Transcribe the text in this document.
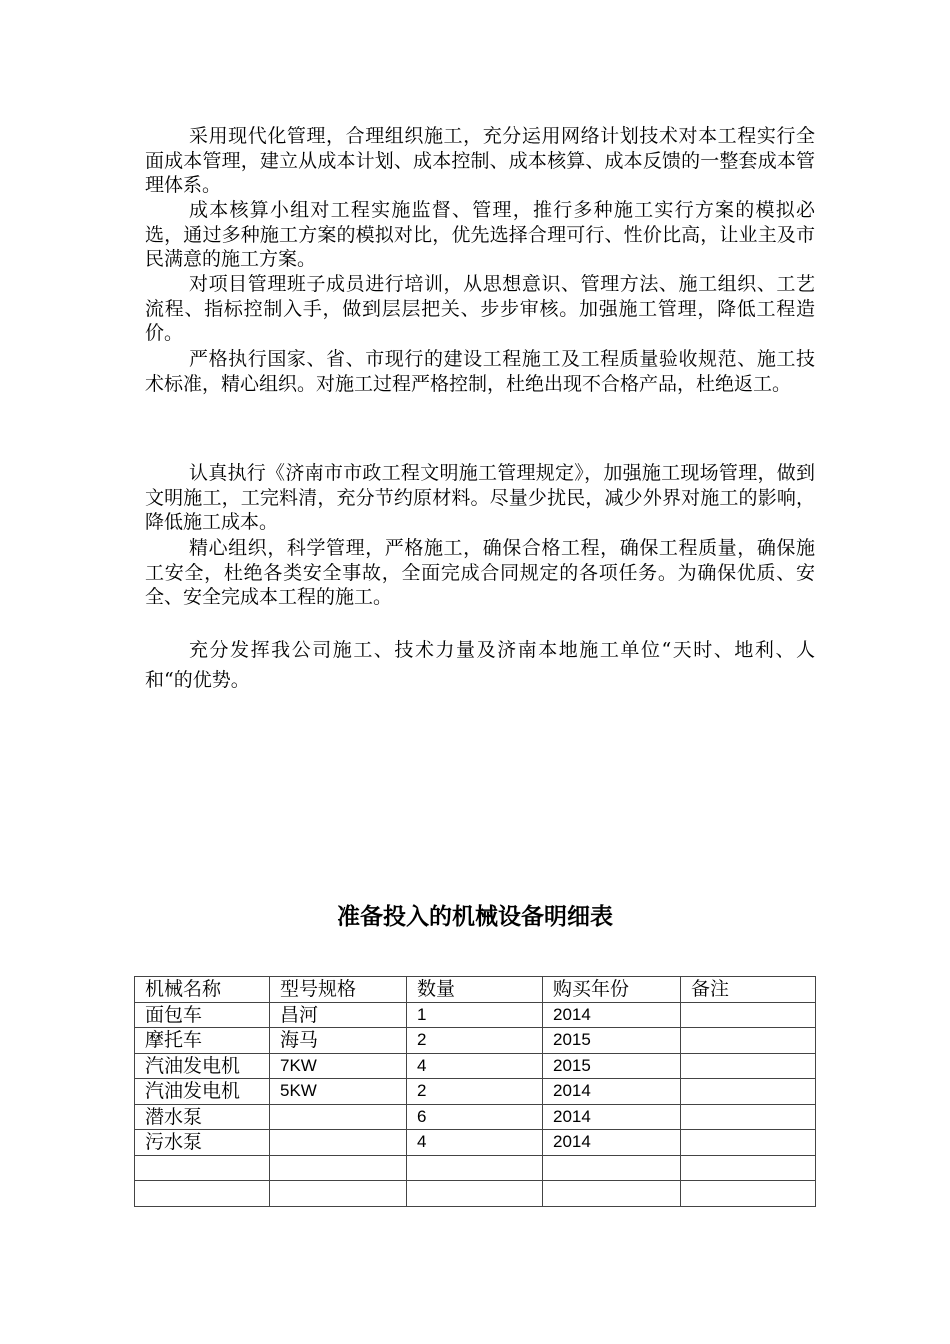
采用现代化管理，合理组织施工，充分运用网络计划技术对本工程实行全面成本管理，建立从成本计划、成本控制、成本核算、成本反馈的一整套成本管理体系。

成本核算小组对工程实施监督、管理，推行多种施工实行方案的模拟必选，通过多种施工方案的模拟对比，优先选择合理可行、性价比高，让业主及市民满意的施工方案。

对项目管理班子成员进行培训，从思想意识、管理方法、施工组织、工艺流程、指标控制入手，做到层层把关、步步审核。加强施工管理，降低工程造价。

严格执行国家、省、市现行的建设工程施工及工程质量验收规范、施工技术标准，精心组织。对施工过程严格控制，杜绝出现不合格产品，杜绝返工。

认真执行《济南市市政工程文明施工管理规定》，加强施工现场管理，做到文明施工，工完料清，充分节约原材料。尽量少扰民，减少外界对施工的影响，降低施工成本。

精心组织，科学管理，严格施工，确保合格工程，确保工程质量，确保施工安全，杜绝各类安全事故，全面完成合同规定的各项任务。为确保优质、安全、安全完成本工程的施工。

充分发挥我公司施工、技术力量及济南本地施工单位“天时、地利、人和“的优势。

准备投入的机械设备明细表
机械名称	型号规格	数量	购买年份	备注
面包车	昌河	1	2014	
摩托车	海马	2	2015	
汽油发电机	7KW	4	2015	
汽油发电机	5KW	2	2014	
潜水泵		6	2014	
污水泵		4	2014	
